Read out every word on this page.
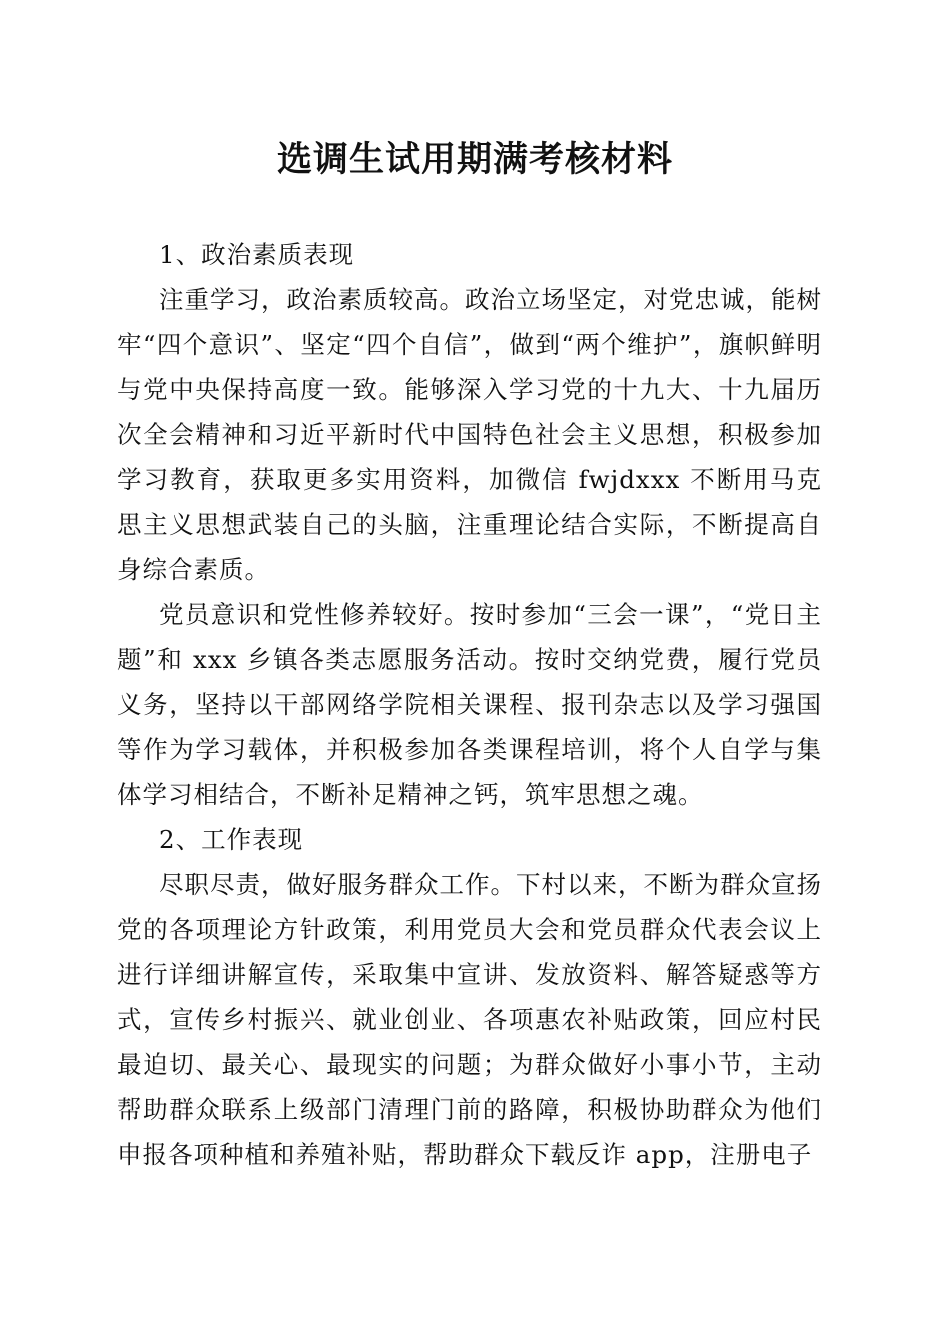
选调生试用期满考核材料

1、政治素质表现

注重学习，政治素质较高。政治立场坚定，对党忠诚，能树牢“四个意识”、坚定“四个自信”，做到“两个维护”，旗帜鲜明与党中央保持高度一致。能够深入学习党的十九大、十九届历次全会精神和习近平新时代中国特色社会主义思想，积极参加学习教育，获取更多实用资料，加微信 fwjdxxx 不断用马克思主义思想武装自己的头脑，注重理论结合实际，不断提高自身综合素质。

党员意识和党性修养较好。按时参加“三会一课”，“党日主题”和 xxx 乡镇各类志愿服务活动。按时交纳党费，履行党员义务，坚持以干部网络学院相关课程、报刊杂志以及学习强国等作为学习载体，并积极参加各类课程培训，将个人自学与集体学习相结合，不断补足精神之钙，筑牢思想之魂。

2、工作表现

尽职尽责，做好服务群众工作。下村以来，不断为群众宣扬党的各项理论方针政策，利用党员大会和党员群众代表会议上进行详细讲解宣传，采取集中宣讲、发放资料、解答疑惑等方式，宣传乡村振兴、就业创业、各项惠农补贴政策，回应村民最迫切、最关心、最现实的问题；为群众做好小事小节，主动帮助群众联系上级部门清理门前的路障，积极协助群众为他们申报各项种植和养殖补贴，帮助群众下载反诈 app，注册电子
